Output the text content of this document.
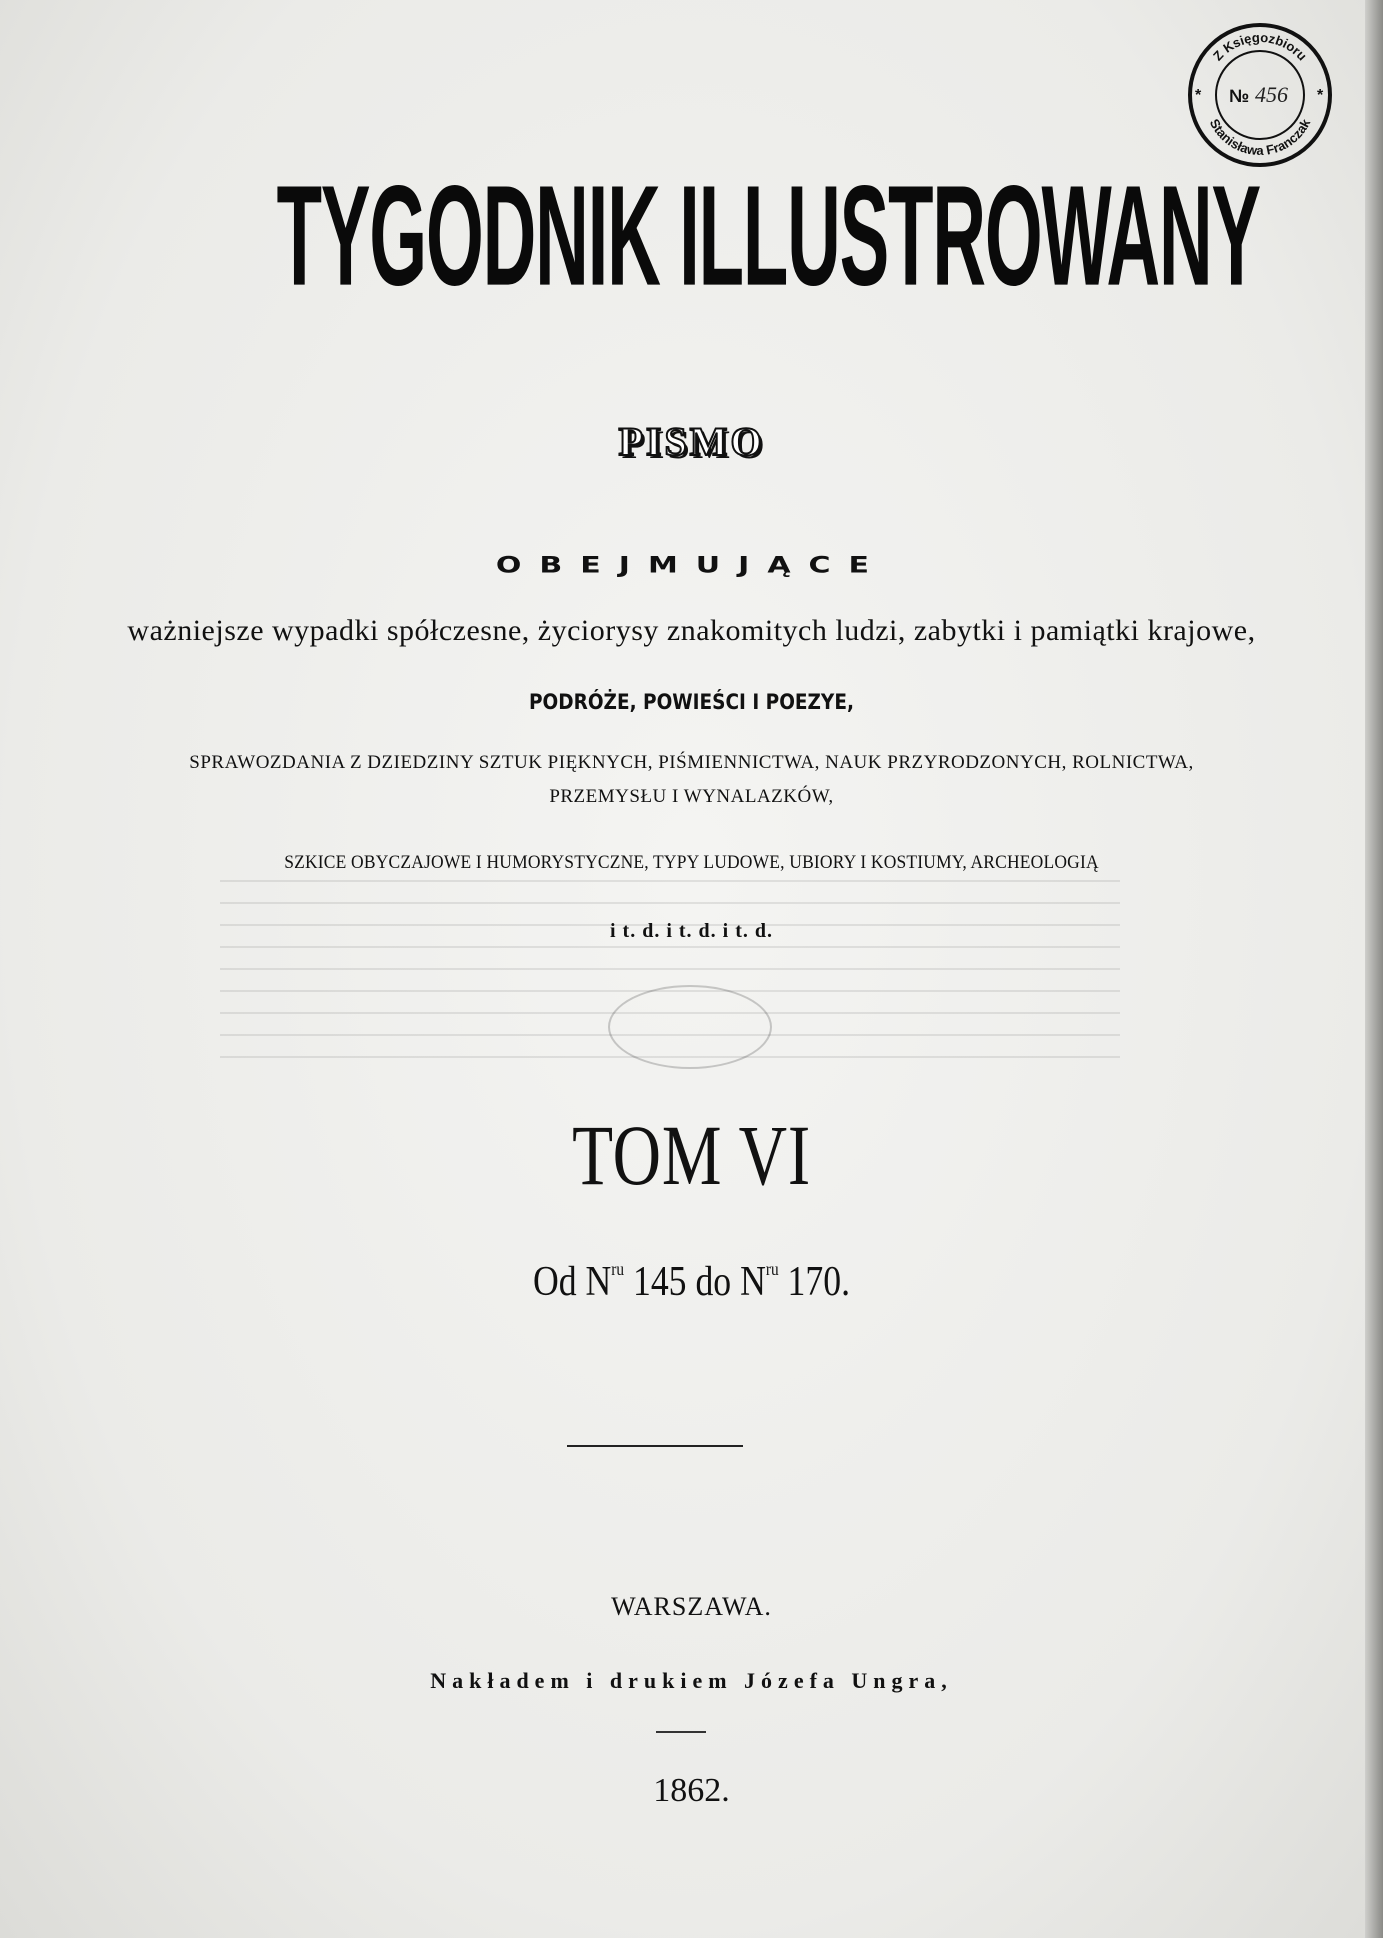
Z Księgozbioru
Stanisława Franczak
*	*
№ 456
TYGODNIK ILLUSTROWANY
PISMO
OBEJMUJĄCE
ważniejsze wypadki spółczesne, życiorysy znakomitych ludzi, zabytki i pamiątki krajowe,
PODRÓŻE, POWIEŚCI I POEZYE,
SPRAWOZDANIA Z DZIEDZINY SZTUK PIĘKNYCH, PIŚMIENNICTWA, NAUK PRZYRODZONYCH, ROLNICTWA,
PRZEMYSŁU I WYNALAZKÓW,
SZKICE OBYCZAJOWE I HUMORYSTYCZNE, TYPY LUDOWE, UBIORY I KOSTIUMY, ARCHEOLOGIĄ
i t. d. i t. d. i t. d.
TOM VI
Od $N^{ru}$ 145 do $N^{ru}$ 170.
WARSZAWA.
Nakładem i drukiem Józefa Ungra,
1862.
